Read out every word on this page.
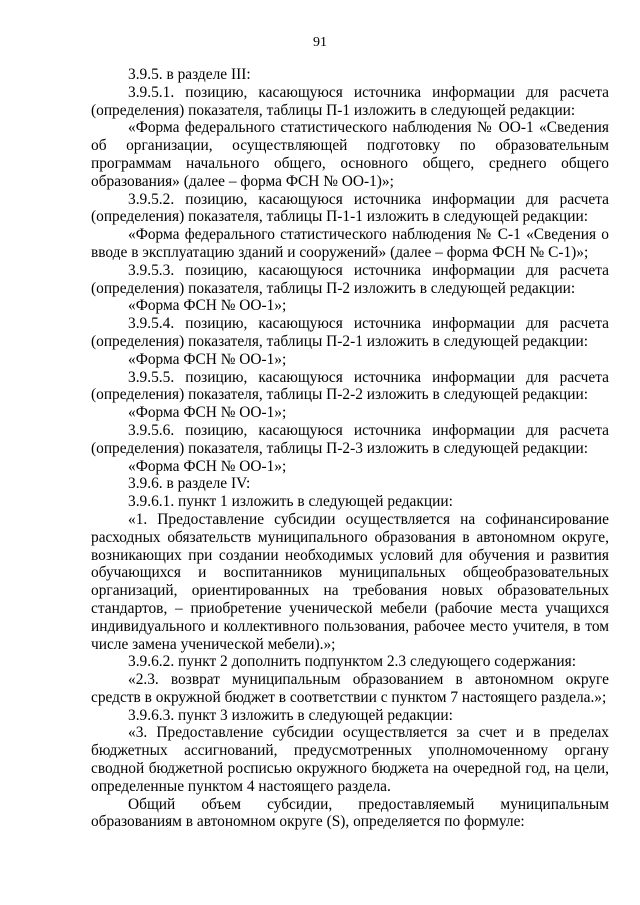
91

3.9.5. в разделе III:

3.9.5.1. позицию, касающуюся источника информации для расчета (определения) показателя, таблицы П-1 изложить в следующей редакции:

«Форма федерального статистического наблюдения № ОО-1 «Сведения об организации, осуществляющей подготовку по образовательным программам начального общего, основного общего, среднего общего образования» (далее – форма ФСН № ОО-1)»;

3.9.5.2. позицию, касающуюся источника информации для расчета (определения) показателя, таблицы П-1-1 изложить в следующей редакции:

«Форма федерального статистического наблюдения № С-1 «Сведения о вводе в эксплуатацию зданий и сооружений» (далее – форма ФСН № С-1)»;

3.9.5.3. позицию, касающуюся источника информации для расчета (определения) показателя, таблицы П-2 изложить в следующей редакции:

«Форма ФСН № ОО-1»;

3.9.5.4. позицию, касающуюся источника информации для расчета (определения) показателя, таблицы П-2-1 изложить в следующей редакции:

«Форма ФСН № ОО-1»;

3.9.5.5. позицию, касающуюся источника информации для расчета (определения) показателя, таблицы П-2-2 изложить в следующей редакции:

«Форма ФСН № ОО-1»;

3.9.5.6. позицию, касающуюся источника информации для расчета (определения) показателя, таблицы П-2-3 изложить в следующей редакции:

«Форма ФСН № ОО-1»;

3.9.6. в разделе IV:

3.9.6.1. пункт 1 изложить в следующей редакции:

«1. Предоставление субсидии осуществляется на софинансирование расходных обязательств муниципального образования в автономном округе, возникающих при создании необходимых условий для обучения и развития обучающихся и воспитанников муниципальных общеобразовательных организаций, ориентированных на требования новых образовательных стандартов, – приобретение ученической мебели (рабочие места учащихся индивидуального и коллективного пользования, рабочее место учителя, в том числе замена ученической мебели).»;

3.9.6.2. пункт 2 дополнить подпунктом 2.3 следующего содержания:

«2.3. возврат муниципальным образованием в автономном округе средств в окружной бюджет в соответствии с пунктом 7 настоящего раздела.»;

3.9.6.3. пункт 3 изложить в следующей редакции:

«3. Предоставление субсидии осуществляется за счет и в пределах бюджетных ассигнований, предусмотренных уполномоченному органу сводной бюджетной росписью окружного бюджета на очередной год, на цели, определенные пунктом 4 настоящего раздела.

Общий объем субсидии, предоставляемый муниципальным образованиям в автономном округе (S), определяется по формуле:
